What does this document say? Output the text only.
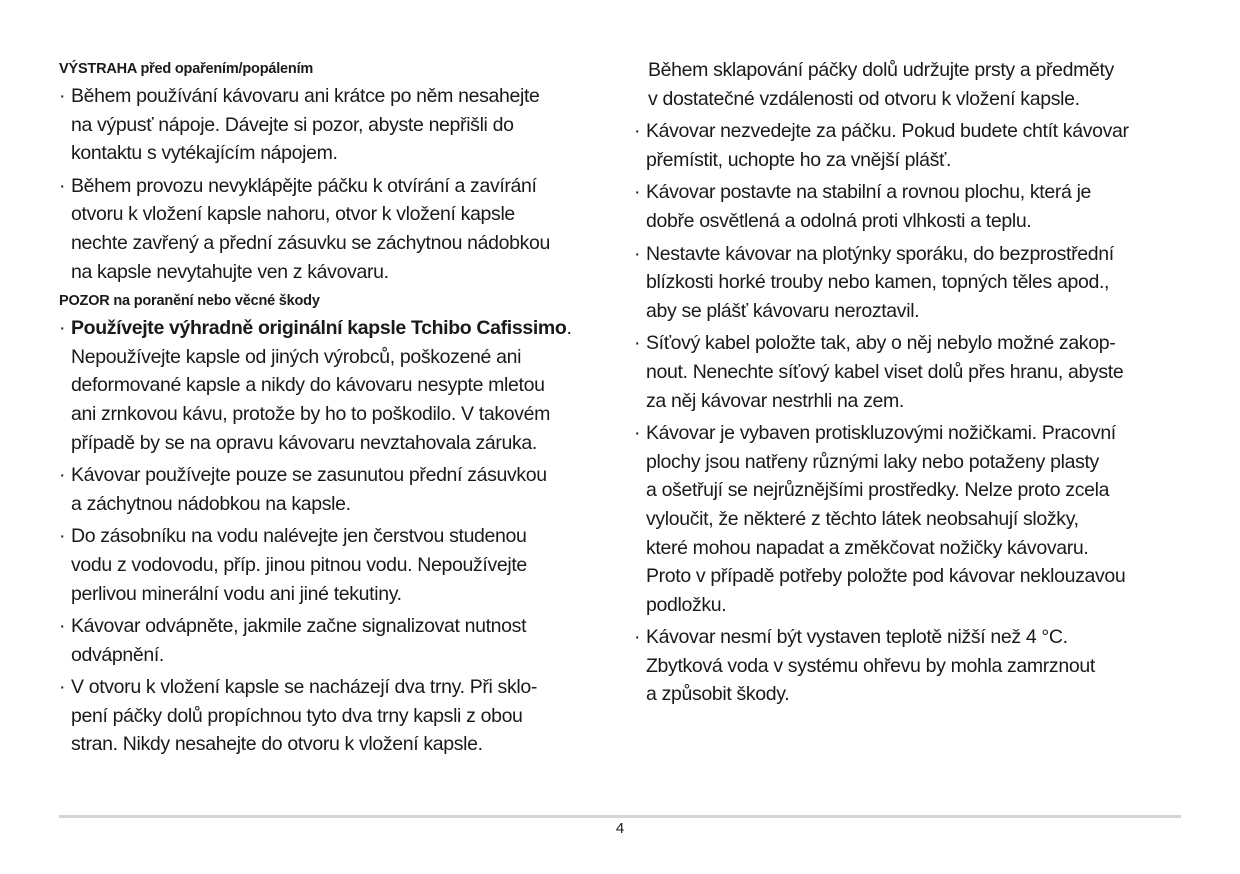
VÝSTRAHA před opařením/popálením
· Během používání kávovaru ani krátce po něm nesahejte
na výpusť nápoje. Dávejte si pozor, abyste nepřišli do
kontaktu s vytékajícím nápojem.
· Během provozu nevyklápějte páčku k otvírání a zavírání
otvoru k vložení kapsle nahoru, otvor k vložení kapsle
nechte zavřený a přední zásuvku se záchytnou nádobkou
na kapsle nevytahujte ven z kávovaru.
POZOR na poranění nebo věcné škody
· Používejte výhradně originální kapsle Tchibo Cafissimo.
Nepoužívejte kapsle od jiných výrobců, poškozené ani
deformované kapsle a nikdy do kávovaru nesypte mletou
ani zrnkovou kávu, protože by ho to poškodilo. V takovém
případě by se na opravu kávovaru nevztahovala záruka.
· Kávovar používejte pouze se zasunutou přední zásuvkou
a záchytnou nádobkou na kapsle.
· Do zásobníku na vodu nalévejte jen čerstvou studenou
vodu z vodovodu, příp. jinou pitnou vodu. Nepoužívejte
perlivou minerální vodu ani jiné tekutiny.
· Kávovar odvápněte, jakmile začne signalizovat nutnost
odvápnění.
· V otvoru k vložení kapsle se nacházejí dva trny. Při sklo-
pení páčky dolů propíchnou tyto dva trny kapsli z obou
stran. Nikdy nesahejte do otvoru k vložení kapsle.
Během sklapování páčky dolů udržujte prsty a předměty
v dostatečné vzdálenosti od otvoru k vložení kapsle.
· Kávovar nezvedejte za páčku. Pokud budete chtít kávovar
přemístit, uchopte ho za vnější plášť.
· Kávovar postavte na stabilní a rovnou plochu, která je
dobře osvětlená a odolná proti vlhkosti a teplu.
· Nestavte kávovar na plotýnky sporáku, do bezprostřední
blízkosti horké trouby nebo kamen, topných těles apod.,
aby se plášť kávovaru neroztavil.
· Síťový kabel položte tak, aby o něj nebylo možné zakop-
nout. Nenechte síťový kabel viset dolů přes hranu, abyste
za něj kávovar nestrhli na zem.
· Kávovar je vybaven protiskluzovými nožičkami. Pracovní
plochy jsou natřeny různými laky nebo potaženy plasty
a ošetřují se nejrůznějšími prostředky. Nelze proto zcela
vyloučit, že některé z těchto látek neobsahují složky,
které mohou napadat a změkčovat nožičky kávovaru.
Proto v případě potřeby položte pod kávovar neklouzavou
podložku.
· Kávovar nesmí být vystaven teplotě nižší než 4 °C.
Zbytková voda v systému ohřevu by mohla zamrznout
a způsobit škody.
4
